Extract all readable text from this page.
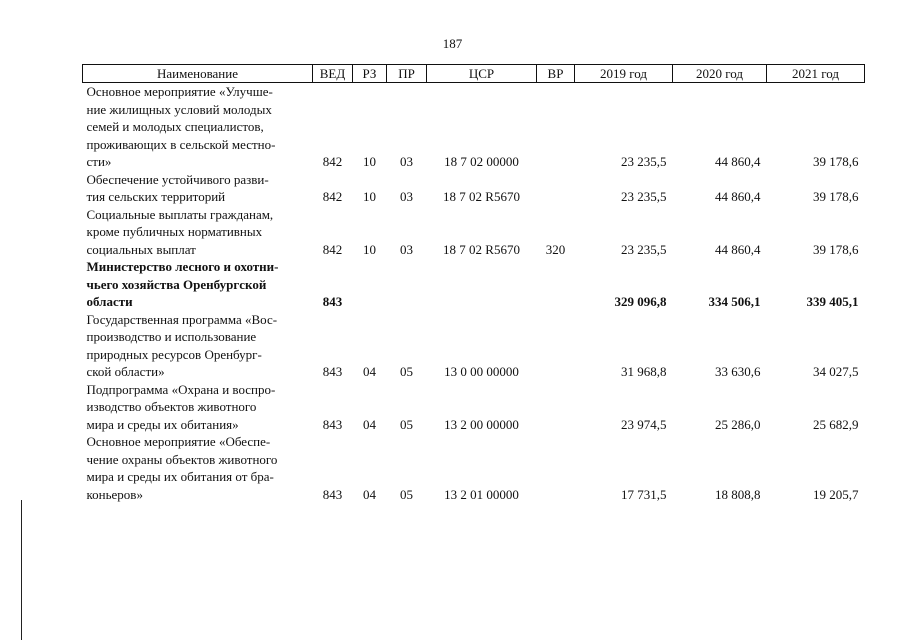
187
Наименование	ВЕД	РЗ	ПР	ЦСР	ВР	2019 год	2020 год	2021 год

Основное мероприятие «Улучше-
ние жилищных условий молодых
семей и молодых специалистов,
проживающих в сельской местно-
сти»	842	10	03	18 7 02 00000		23 235,5	44 860,4	39 178,6

Обеспечение устойчивого разви-
тия сельских территорий	842	10	03	18 7 02 R5670		23 235,5	44 860,4	39 178,6

Социальные выплаты гражданам,
кроме публичных нормативных
социальных выплат	842	10	03	18 7 02 R5670	320	23 235,5	44 860,4	39 178,6

Министерство лесного и охотни-
чьего хозяйства Оренбургской
области	843					329 096,8	334 506,1	339 405,1

Государственная программа «Вос-
производство и использование
природных ресурсов Оренбург-
ской области»	843	04	05	13 0 00 00000		31 968,8	33 630,6	34 027,5

Подпрограмма «Охрана и воспро-
изводство объектов животного
мира и среды их обитания»	843	04	05	13 2 00 00000		23 974,5	25 286,0	25 682,9

Основное мероприятие «Обеспе-
чение охраны объектов животного
мира и среды их обитания от бра-
коньеров»	843	04	05	13 2 01 00000		17 731,5	18 808,8	19 205,7
